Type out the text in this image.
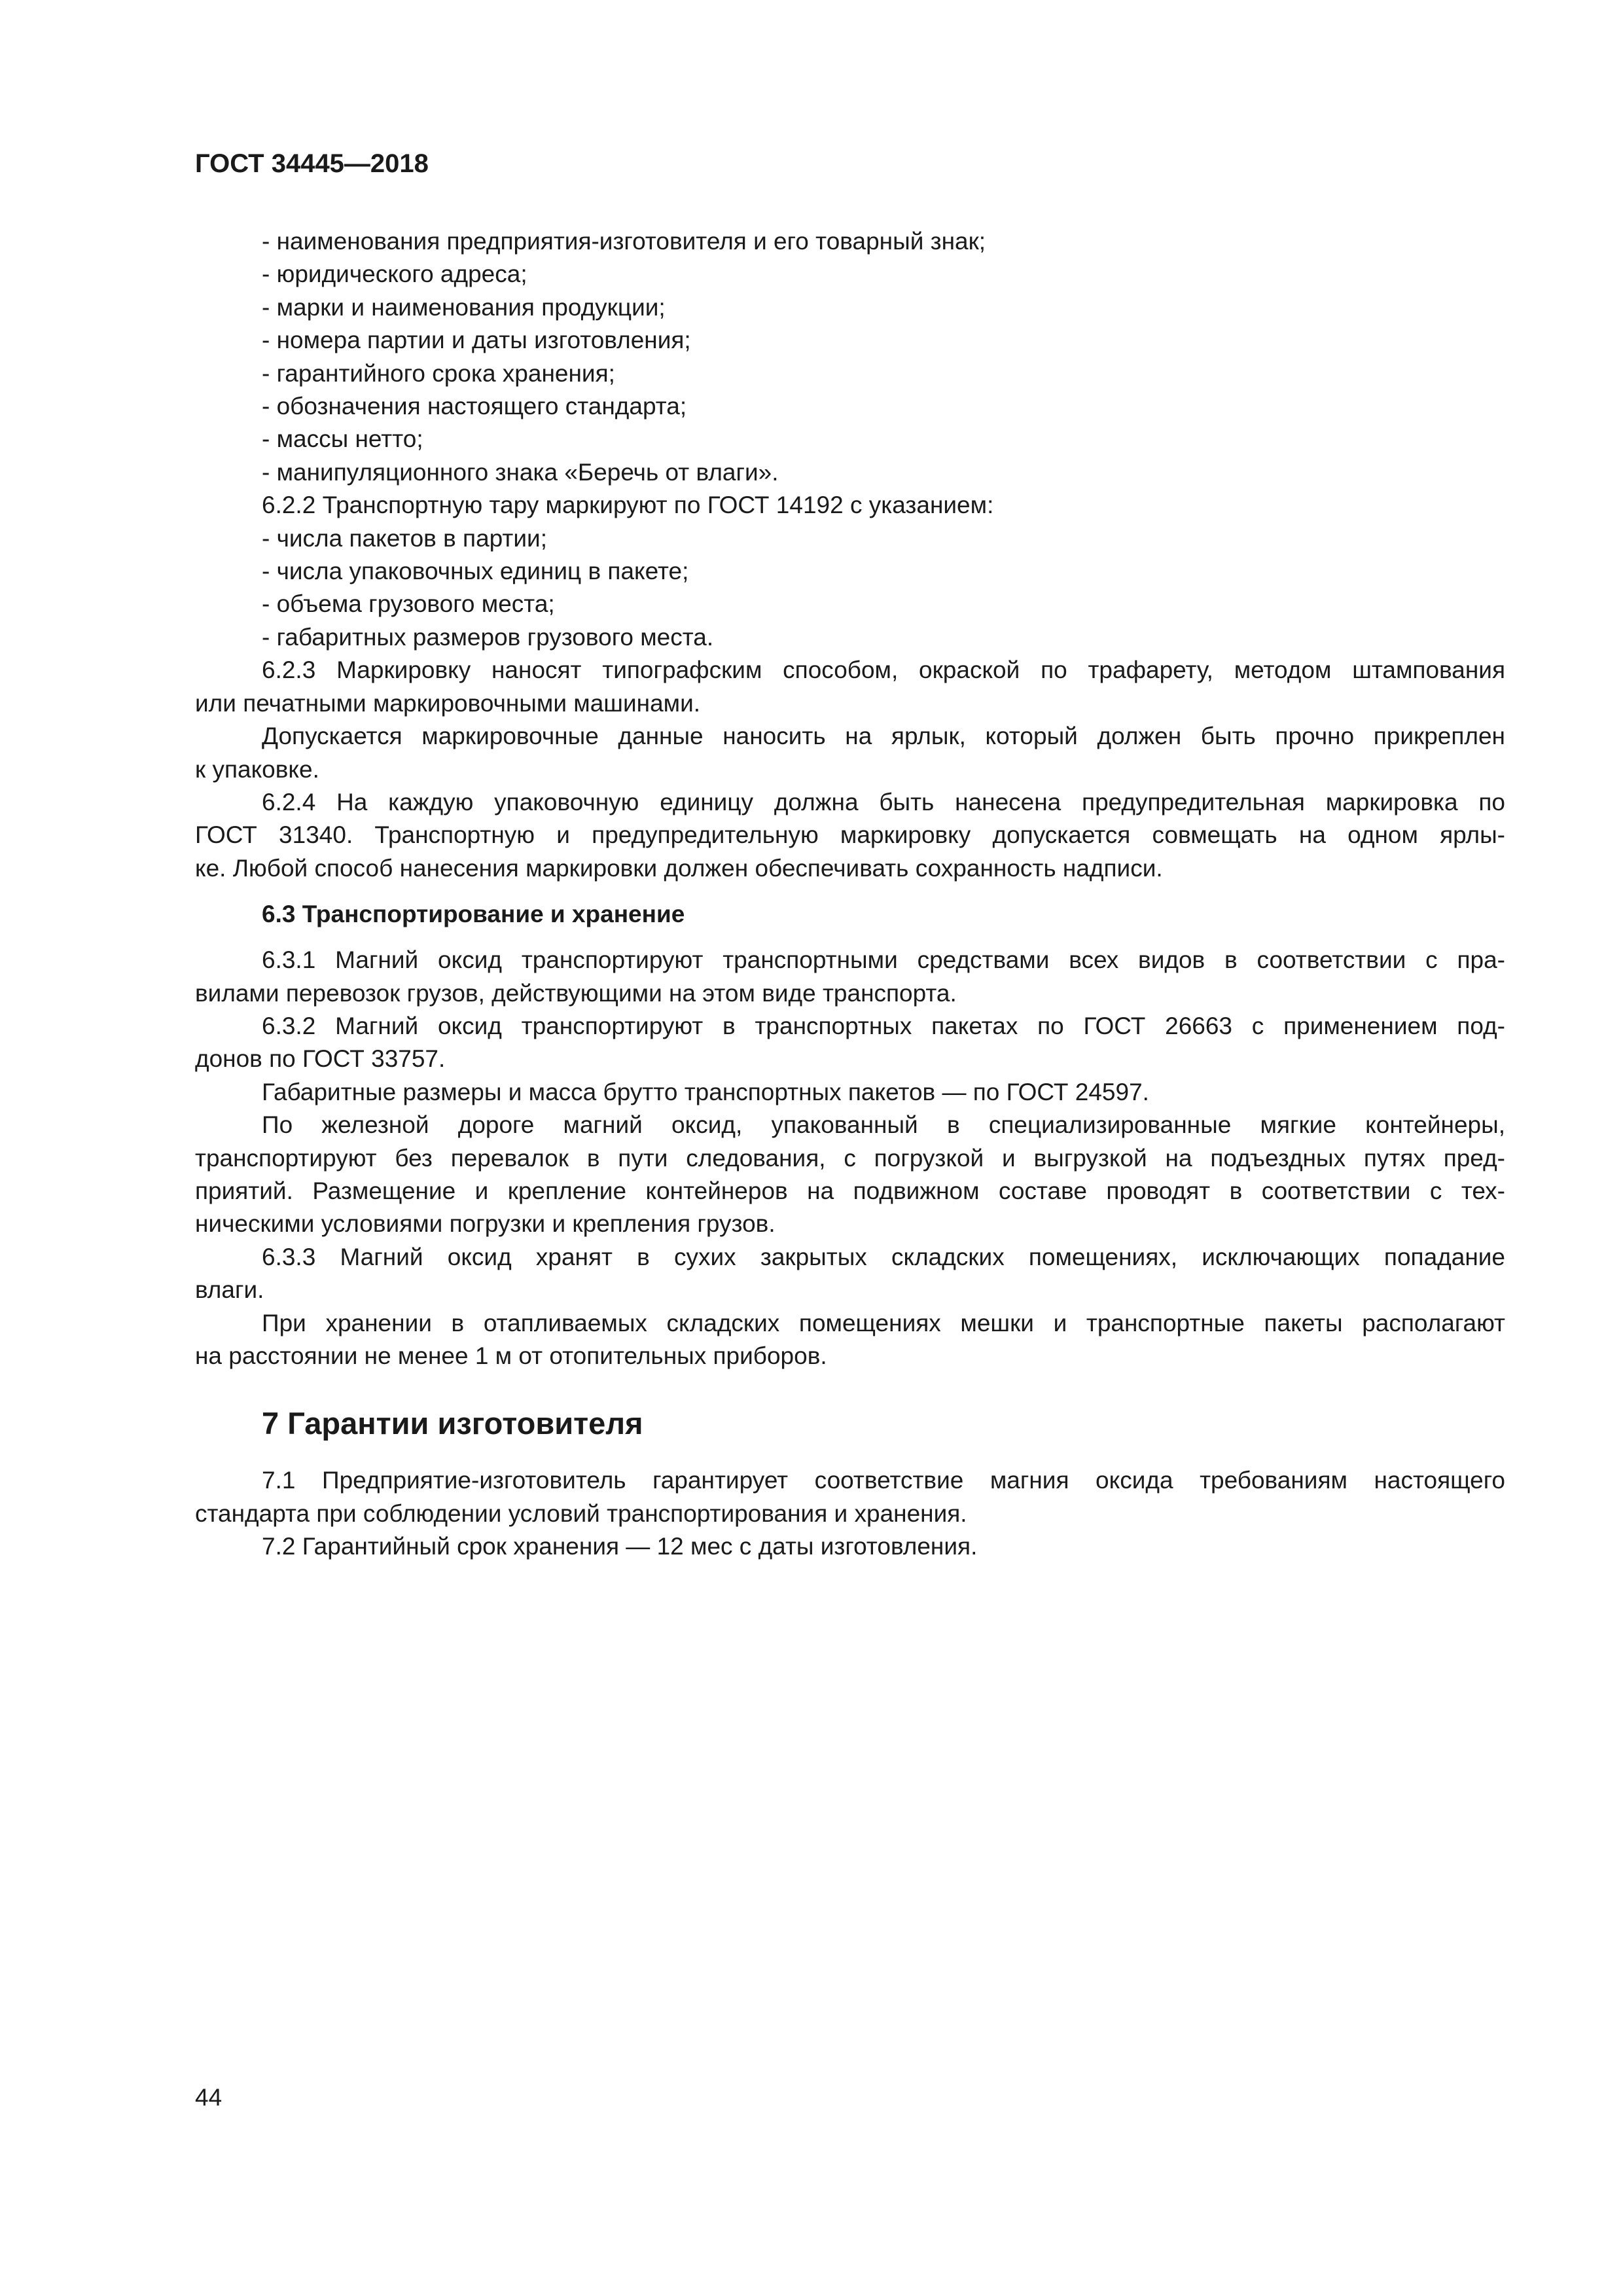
ГОСТ 34445—2018
- наименования предприятия-изготовителя и его товарный знак;
- юридического адреса;
- марки и наименования продукции;
- номера партии и даты изготовления;
- гарантийного срока хранения;
- обозначения настоящего стандарта;
- массы нетто;
- манипуляционного знака «Беречь от влаги».
6.2.2 Транспортную тару маркируют по ГОСТ 14192 с указанием:
- числа пакетов в партии;
- числа упаковочных единиц в пакете;
- объема грузового места;
- габаритных размеров грузового места.
6.2.3 Маркировку наносят типографским способом, окраской по трафарету, методом штампования
или печатными маркировочными машинами.
Допускается маркировочные данные наносить на ярлык, который должен быть прочно прикреплен
к упаковке.
6.2.4 На каждую упаковочную единицу должна быть нанесена предупредительная маркировка по
ГОСТ 31340. Транспортную и предупредительную маркировку допускается совмещать на одном ярлы-
ке. Любой способ нанесения маркировки должен обеспечивать сохранность надписи.
6.3 Транспортирование и хранение
6.3.1 Магний оксид транспортируют транспортными средствами всех видов в соответствии с пра-
вилами перевозок грузов, действующими на этом виде транспорта.
6.3.2 Магний оксид транспортируют в транспортных пакетах по ГОСТ 26663 с применением под-
донов по ГОСТ 33757.
Габаритные размеры и масса брутто транспортных пакетов — по ГОСТ 24597.
По железной дороге магний оксид, упакованный в специализированные мягкие контейнеры,
транспортируют без перевалок в пути следования, с погрузкой и выгрузкой на подъездных путях пред-
приятий. Размещение и крепление контейнеров на подвижном составе проводят в соответствии с тех-
ническими условиями погрузки и крепления грузов.
6.3.3 Магний оксид хранят в сухих закрытых складских помещениях, исключающих попадание
влаги.
При хранении в отапливаемых складских помещениях мешки и транспортные пакеты располагают
на расстоянии не менее 1 м от отопительных приборов.
7 Гарантии изготовителя
7.1 Предприятие-изготовитель гарантирует соответствие магния оксида требованиям настоящего
стандарта при соблюдении условий транспортирования и хранения.
7.2 Гарантийный срок хранения — 12 мес с даты изготовления.
44
